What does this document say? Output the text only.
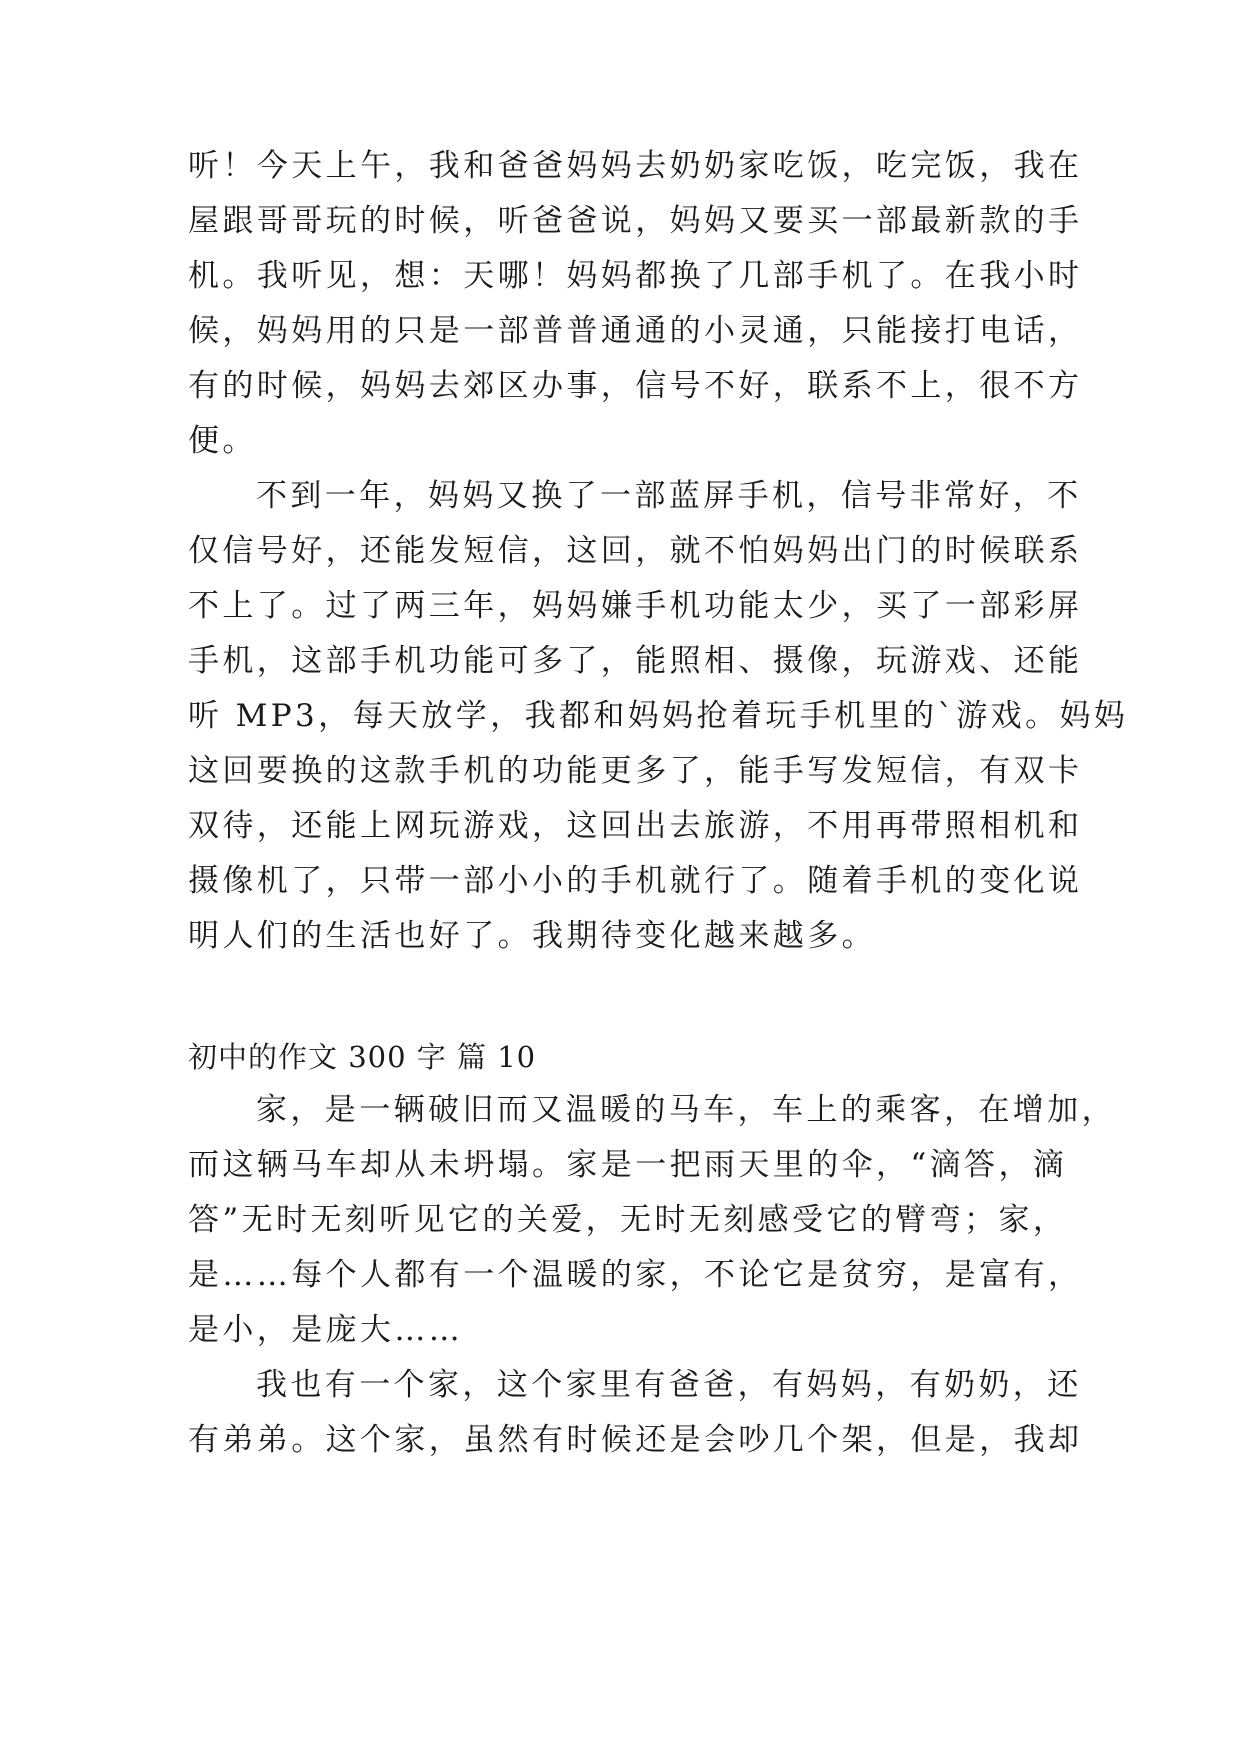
听！今天上午，我和爸爸妈妈去奶奶家吃饭，吃完饭，我在
屋跟哥哥玩的时候，听爸爸说，妈妈又要买一部最新款的手
机。我听见，想：天哪！妈妈都换了几部手机了。在我小时
候，妈妈用的只是一部普普通通的小灵通，只能接打电话，
有的时候，妈妈去郊区办事，信号不好，联系不上，很不方
便。
不到一年，妈妈又换了一部蓝屏手机，信号非常好，不
仅信号好，还能发短信，这回，就不怕妈妈出门的时候联系
不上了。过了两三年，妈妈嫌手机功能太少，买了一部彩屏
手机，这部手机功能可多了，能照相、摄像，玩游戏、还能
听 MP3，每天放学，我都和妈妈抢着玩手机里的`游戏。妈妈
这回要换的这款手机的功能更多了，能手写发短信，有双卡
双待，还能上网玩游戏，这回出去旅游，不用再带照相机和
摄像机了，只带一部小小的手机就行了。随着手机的变化说
明人们的生活也好了。我期待变化越来越多。
初中的作文 300 字 篇 10
家，是一辆破旧而又温暖的马车，车上的乘客，在增加，
而这辆马车却从未坍塌。家是一把雨天里的伞，“滴答，滴
答”无时无刻听见它的关爱，无时无刻感受它的臂弯；家，
是……每个人都有一个温暖的家，不论它是贫穷，是富有，
是小，是庞大……
我也有一个家，这个家里有爸爸，有妈妈，有奶奶，还
有弟弟。这个家，虽然有时候还是会吵几个架，但是，我却
